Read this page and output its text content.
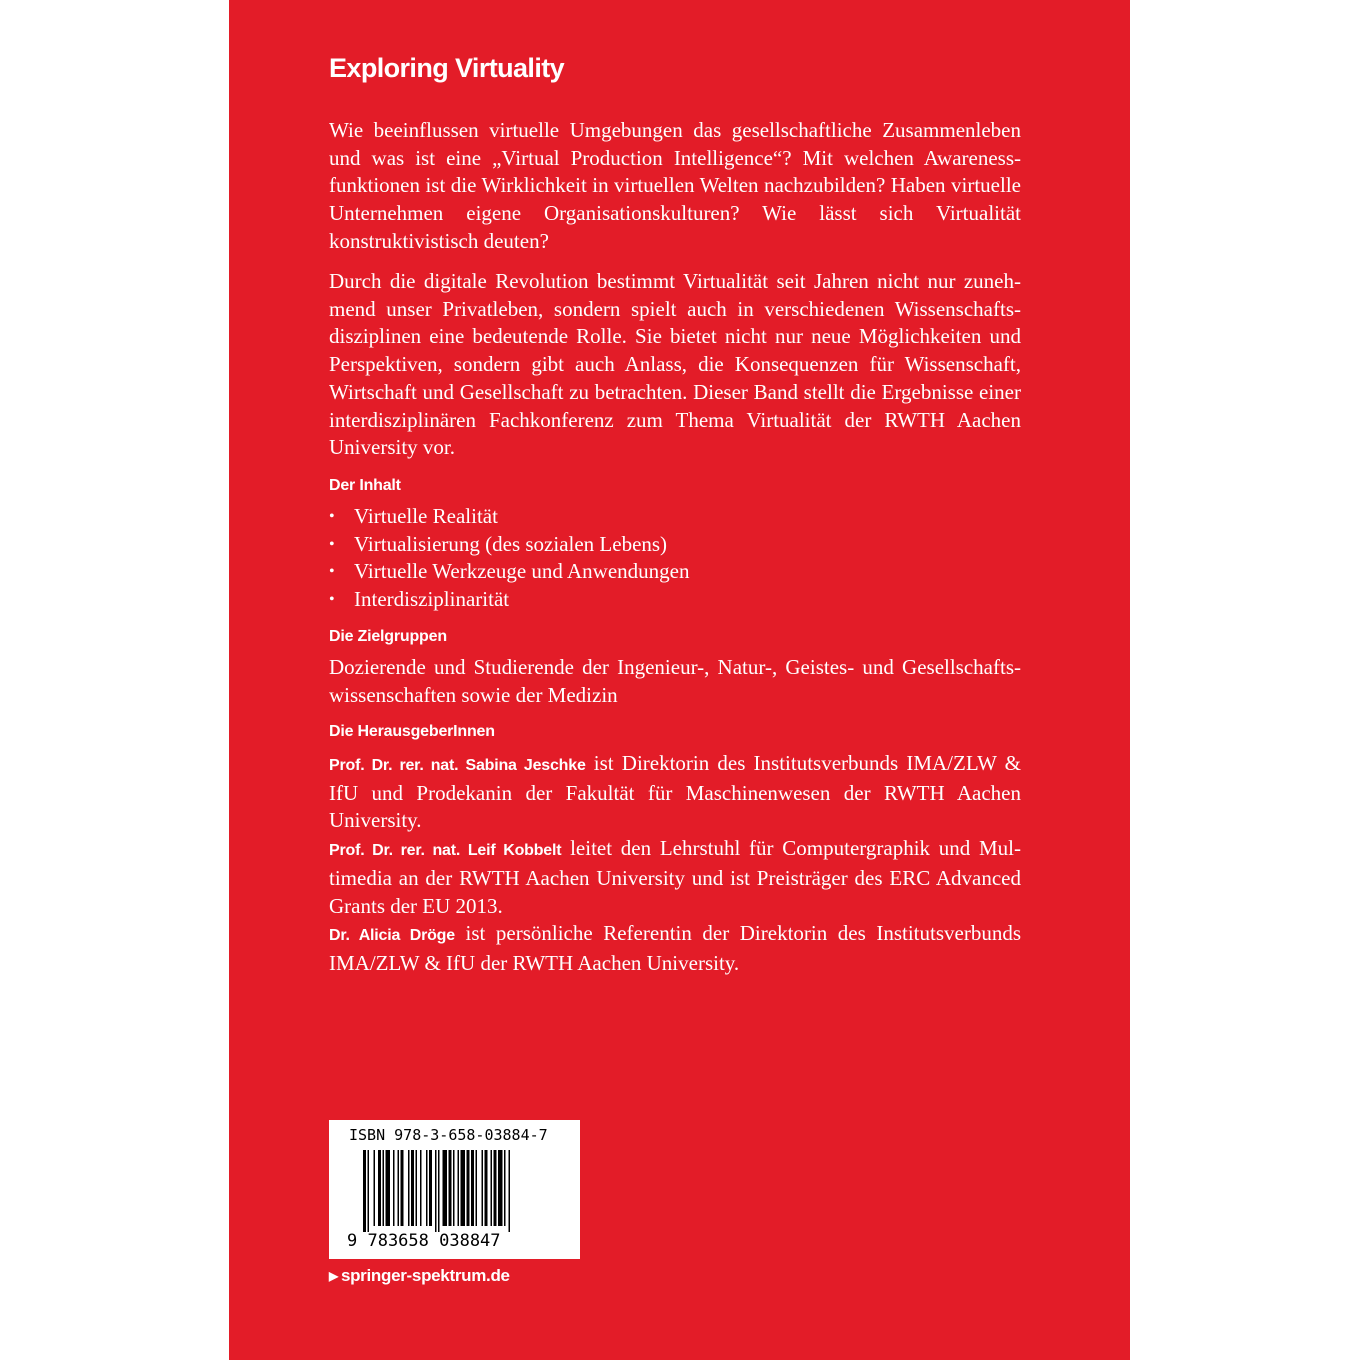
Exploring Virtuality

Wie beeinflussen virtuelle Umgebungen das gesellschaftliche Zusammenleben und was ist eine „Virtual Production Intelligence“? Mit welchen Awarenessfunktionen ist die Wirklichkeit in virtuellen Welten nachzubilden? Haben virtuelle Unternehmen eigene Organisationskulturen? Wie lässt sich Virtualität konstruktivistisch deuten?

Durch die digitale Revolution bestimmt Virtualität seit Jahren nicht nur zunehmend unser Privatleben, sondern spielt auch in verschiedenen Wissenschaftsdisziplinen eine bedeutende Rolle. Sie bietet nicht nur neue Möglichkeiten und Perspektiven, sondern gibt auch Anlass, die Konsequenzen für Wissenschaft, Wirtschaft und Gesellschaft zu betrachten. Dieser Band stellt die Ergebnisse einer interdisziplinären Fachkonferenz zum Thema Virtualität der RWTH Aachen University vor.

Der Inhalt
• Virtuelle Realität
• Virtualisierung (des sozialen Lebens)
• Virtuelle Werkzeuge und Anwendungen
• Interdisziplinarität
Die Zielgruppen

Dozierende und Studierende der Ingenieur-, Natur-, Geistes- und Gesellschaftswissenschaften sowie der Medizin

Die HerausgeberInnen
Prof. Dr. rer. nat. Sabina Jeschke ist Direktorin des Institutsverbunds IMA/ZLW & IfU und Prodekanin der Fakultät für Maschinenwesen der RWTH Aachen University.
Prof. Dr. rer. nat. Leif Kobbelt leitet den Lehrstuhl für Computergraphik und Multimedia an der RWTH Aachen University und ist Preisträger des ERC Advanced Grants der EU 2013.
Dr. Alicia Dröge ist persönliche Referentin der Direktorin des Institutsverbunds IMA/ZLW & IfU der RWTH Aachen University.
ISBN 978-3-658-03884-7
9 783658 038847
▶ springer-spektrum.de
